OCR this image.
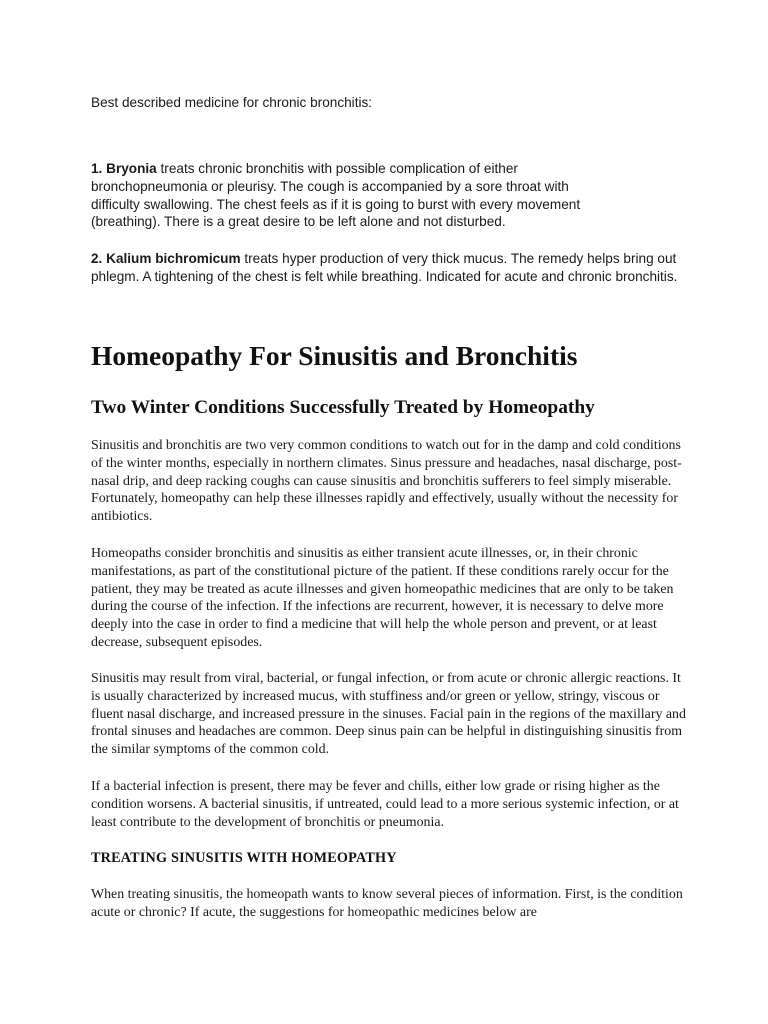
Best described medicine for chronic bronchitis:

1. Bryonia treats chronic bronchitis with possible complication of either bronchopneumonia or pleurisy. The cough is accompanied by a sore throat with difficulty swallowing. The chest feels as if it is going to burst with every movement (breathing). There is a great desire to be left alone and not disturbed.

2. Kalium bichromicum treats hyper production of very thick mucus. The remedy helps bring out phlegm. A tightening of the chest is felt while breathing. Indicated for acute and chronic bronchitis.

Homeopathy For Sinusitis and Bronchitis
Two Winter Conditions Successfully Treated by Homeopathy

Sinusitis and bronchitis are two very common conditions to watch out for in the damp and cold conditions of the winter months, especially in northern climates. Sinus pressure and headaches, nasal discharge, post-nasal drip, and deep racking coughs can cause sinusitis and bronchitis sufferers to feel simply miserable. Fortunately, homeopathy can help these illnesses rapidly and effectively, usually without the necessity for antibiotics.

Homeopaths consider bronchitis and sinusitis as either transient acute illnesses, or, in their chronic manifestations, as part of the constitutional picture of the patient. If these conditions rarely occur for the patient, they may be treated as acute illnesses and given homeopathic medicines that are only to be taken during the course of the infection. If the infections are recurrent, however, it is necessary to delve more deeply into the case in order to find a medicine that will help the whole person and prevent, or at least decrease, subsequent episodes.

Sinusitis may result from viral, bacterial, or fungal infection, or from acute or chronic allergic reactions. It is usually characterized by increased mucus, with stuffiness and/or green or yellow, stringy, viscous or fluent nasal discharge, and increased pressure in the sinuses. Facial pain in the regions of the maxillary and frontal sinuses and headaches are common. Deep sinus pain can be helpful in distinguishing sinusitis from the similar symptoms of the common cold.

If a bacterial infection is present, there may be fever and chills, either low grade or rising higher as the condition worsens. A bacterial sinusitis, if untreated, could lead to a more serious systemic infection, or at least contribute to the development of bronchitis or pneumonia.

TREATING SINUSITIS WITH HOMEOPATHY

When treating sinusitis, the homeopath wants to know several pieces of information. First, is the condition acute or chronic? If acute, the suggestions for homeopathic medicines below are
